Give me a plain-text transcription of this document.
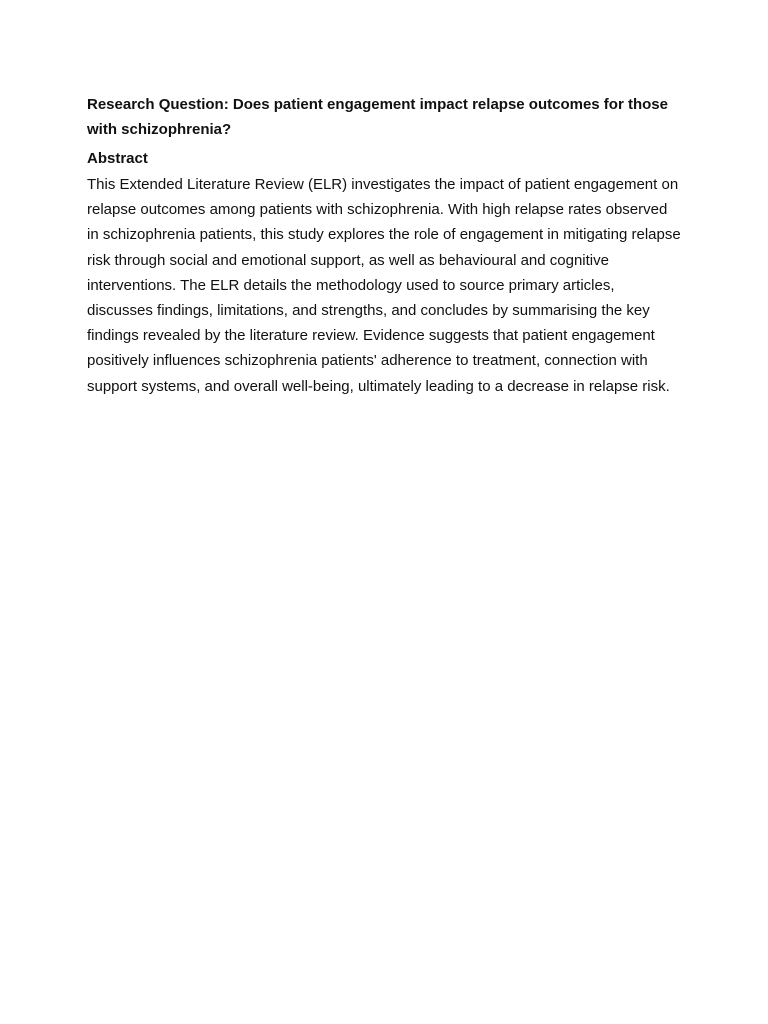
Research Question: Does patient engagement impact relapse outcomes for those with schizophrenia?

Abstract

This Extended Literature Review (ELR) investigates the impact of patient engagement on relapse outcomes among patients with schizophrenia. With high relapse rates observed in schizophrenia patients, this study explores the role of engagement in mitigating relapse risk through social and emotional support, as well as behavioural and cognitive interventions. The ELR details the methodology used to source primary articles, discusses findings, limitations, and strengths, and concludes by summarising the key findings revealed by the literature review. Evidence suggests that patient engagement positively influences schizophrenia patients' adherence to treatment, connection with support systems, and overall well-being, ultimately leading to a decrease in relapse risk.
